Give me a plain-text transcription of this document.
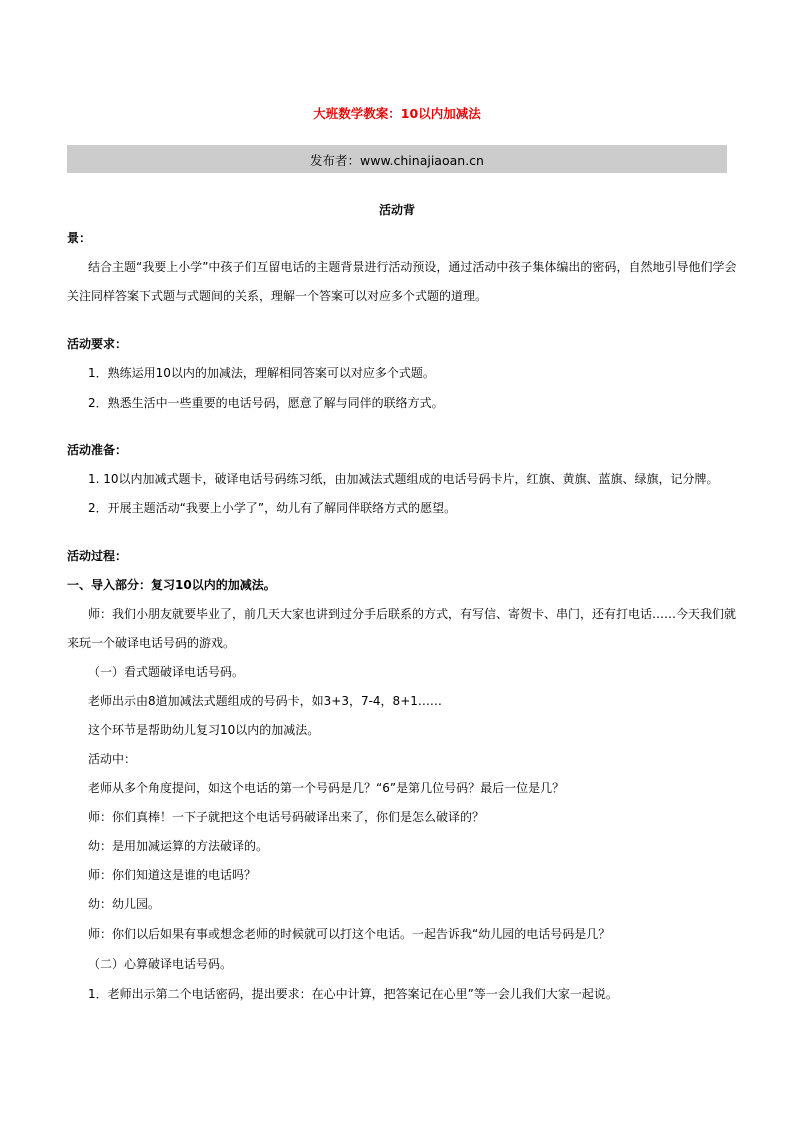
大班数学教案：10以内加减法
发布者：www.chinajiaoan.cn
活动背
景：
结合主题“我要上小学”中孩子们互留电话的主题背景进行活动预设，通过活动中孩子集体编出的密码，自然地引导他们学会
关注同样答案下式题与式题间的关系，理解一个答案可以对应多个式题的道理。
活动要求：
1．熟练运用10以内的加减法，理解相同答案可以对应多个式题。
2．熟悉生活中一些重要的电话号码，愿意了解与同伴的联络方式。
活动准备：
1. 10以内加减式题卡，破译电话号码练习纸，由加减法式题组成的电话号码卡片，红旗、黄旗、蓝旗、绿旗，记分牌。
2．开展主题活动“我要上小学了”，幼儿有了解同伴联络方式的愿望。
活动过程：
一、导入部分：复习10以内的加减法。
师：我们小朋友就要毕业了，前几天大家也讲到过分手后联系的方式，有写信、寄贺卡、串门，还有打电话……今天我们就
来玩一个破译电话号码的游戏。
（一）看式题破译电话号码。
老师出示由8道加减法式题组成的号码卡，如3+3，7-4，8+1……
这个环节是帮助幼儿复习10以内的加减法。
活动中：
老师从多个角度提问，如这个电话的第一个号码是几？“6”是第几位号码？最后一位是几？
师：你们真棒！一下子就把这个电话号码破译出来了，你们是怎么破译的？
幼：是用加减运算的方法破译的。
师：你们知道这是谁的电话吗？
幼：幼儿园。
师：你们以后如果有事或想念老师的时候就可以打这个电话。一起告诉我“幼儿园的电话号码是几？
（二）心算破译电话号码。
1．老师出示第二个电话密码，提出要求：在心中计算，把答案记在心里”等一会儿我们大家一起说。
